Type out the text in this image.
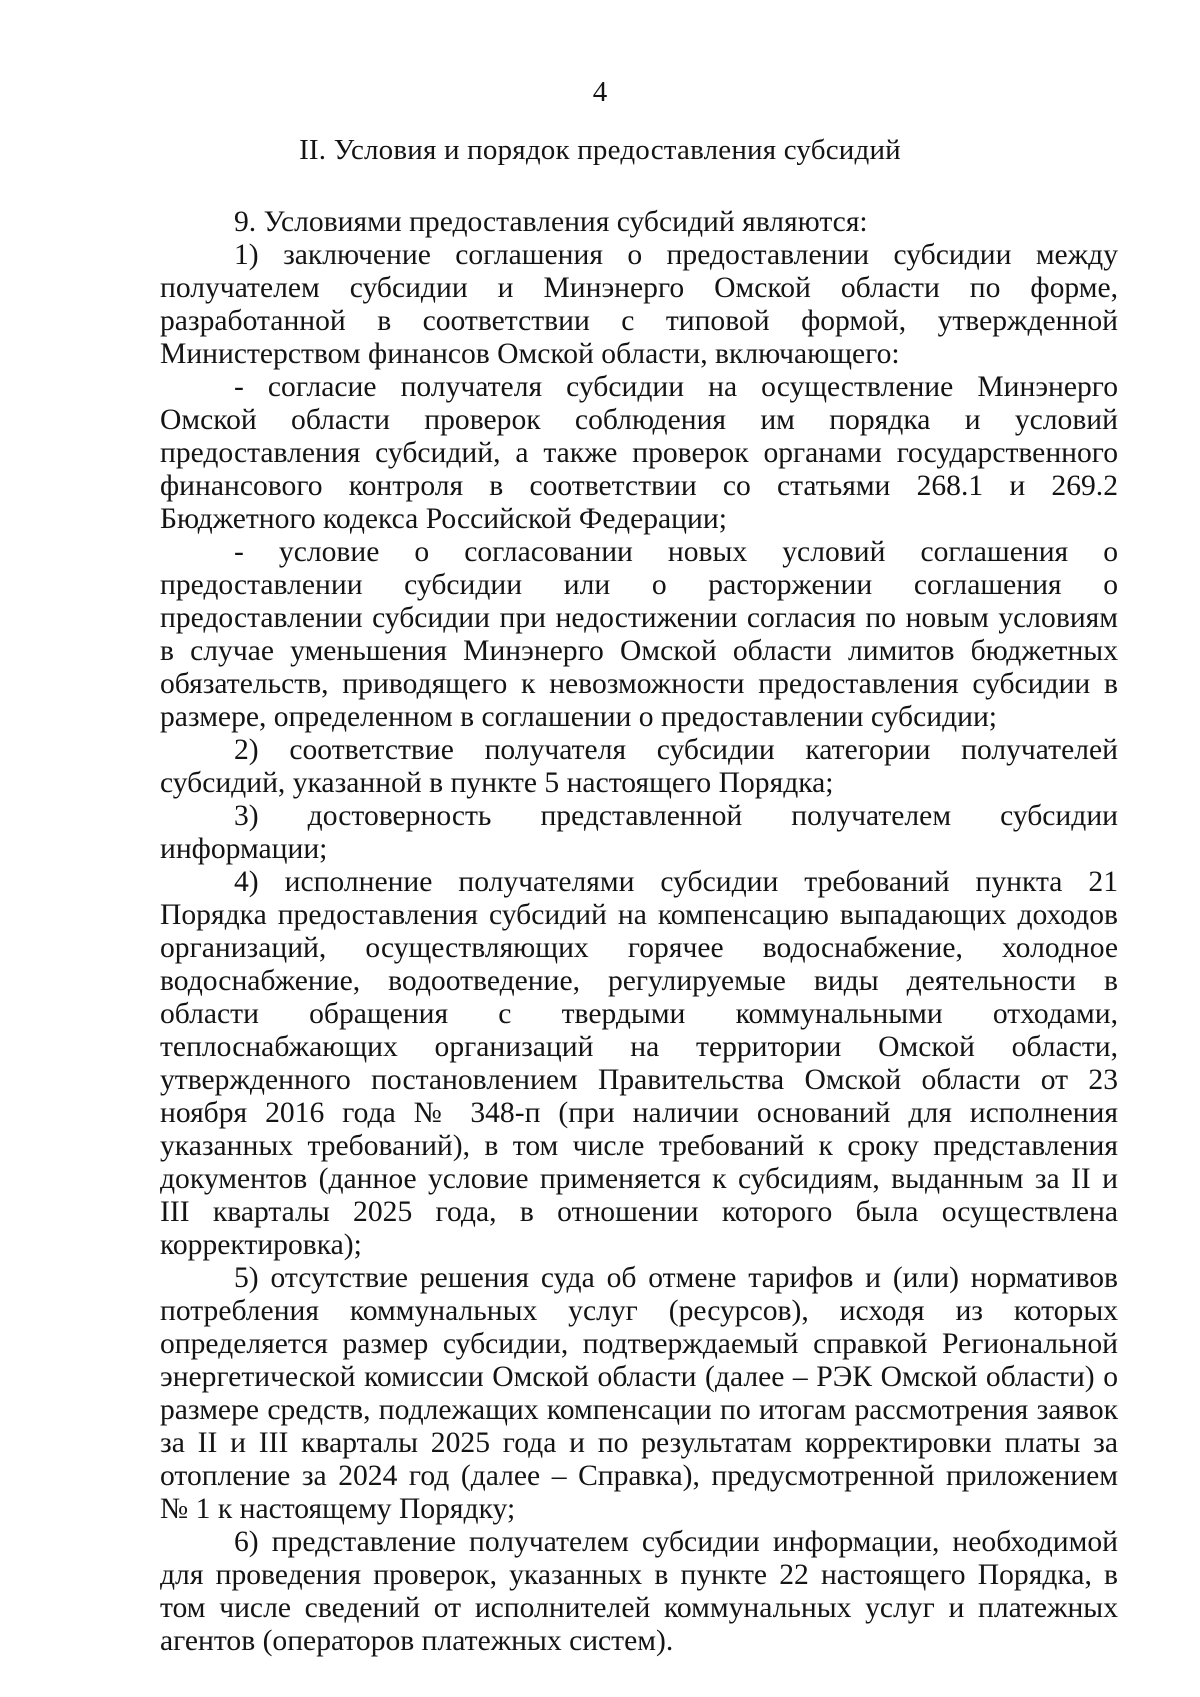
4
II. Условия и порядок предоставления субсидий

9. Условиями предоставления субсидий являются:

1) заключение соглашения о предоставлении субсидии между получателем субсидии и Минэнерго Омской области по форме, разработанной в соответствии с типовой формой, утвержденной Министерством финансов Омской области, включающего:

- согласие получателя субсидии на осуществление Минэнерго Омской области проверок соблюдения им порядка и условий предоставления субсидий, а также проверок органами государственного финансового контроля в соответствии со статьями 268.1 и 269.2 Бюджетного кодекса Российской Федерации;

- условие о согласовании новых условий соглашения о предоставлении субсидии или о расторжении соглашения о предоставлении субсидии при недостижении согласия по новым условиям в случае уменьшения Минэнерго Омской области лимитов бюджетных обязательств, приводящего к невозможности предоставления субсидии в размере, определенном в соглашении о предоставлении субсидии;

2) соответствие получателя субсидии категории получателей субсидий, указанной в пункте 5 настоящего Порядка;

3) достоверность представленной получателем субсидии информации;

4) исполнение получателями субсидии требований пункта 21 Порядка предоставления субсидий на компенсацию выпадающих доходов организаций, осуществляющих горячее водоснабжение, холодное водоснабжение, водоотведение, регулируемые виды деятельности в области обращения с твердыми коммунальными отходами, теплоснабжающих организаций на территории Омской области, утвержденного постановлением Правительства Омской области от 23 ноября 2016 года № 348-п (при наличии оснований для исполнения указанных требований), в том числе требований к сроку представления документов (данное условие применяется к субсидиям, выданным за II и III кварталы 2025 года, в отношении которого была осуществлена корректировка);

5) отсутствие решения суда об отмене тарифов и (или) нормативов потребления коммунальных услуг (ресурсов), исходя из которых определяется размер субсидии, подтверждаемый справкой Региональной энергетической комиссии Омской области (далее – РЭК Омской области) о размере средств, подлежащих компенсации по итогам рассмотрения заявок за II и III кварталы 2025 года и по результатам корректировки платы за отопление за 2024 год (далее – Справка), предусмотренной приложением № 1 к настоящему Порядку;

6) представление получателем субсидии информации, необходимой для проведения проверок, указанных в пункте 22 настоящего Порядка, в том числе сведений от исполнителей коммунальных услуг и платежных агентов (операторов платежных систем).
